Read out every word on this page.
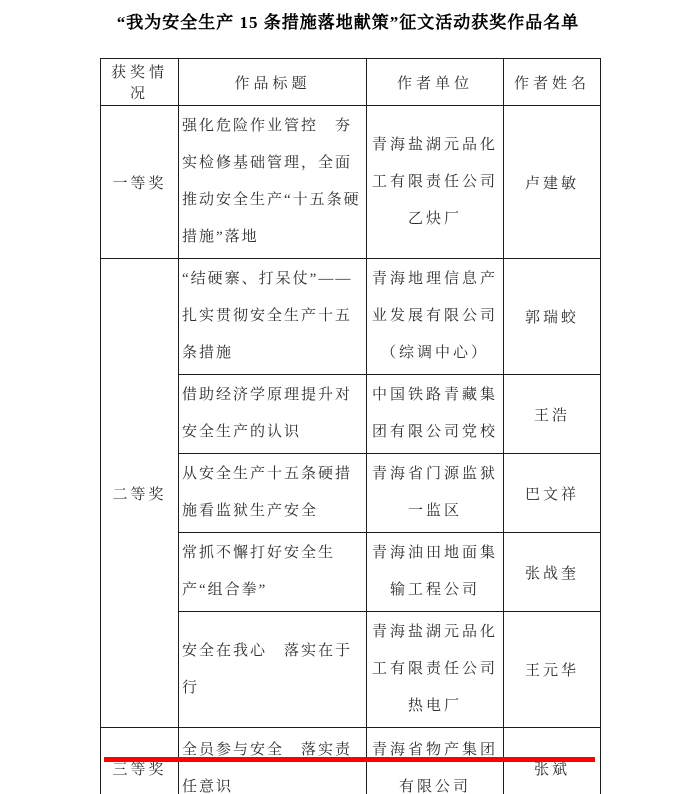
“我为安全生产 15 条措施落地献策”征文活动获奖作品名单
获奖情况	作品标题	作者单位	作者姓名
一等奖	强化危险作业管控　夯实检修基础管理，全面推动安全生产“十五条硬措施”落地	青海盐湖元品化工有限责任公司乙炔厂	卢建敏
二等奖	“结硬寨、打呆仗”——扎实贯彻安全生产十五条措施	青海地理信息产业发展有限公司（综调中心）	郭瑞蛟
	借助经济学原理提升对安全生产的认识	中国铁路青藏集团有限公司党校	王浩
	从安全生产十五条硬措施看监狱生产安全	青海省门源监狱一监区	巴文祥
	常抓不懈打好安全生产“组合拳”	青海油田地面集输工程公司	张战奎
	安全在我心　落实在于行	青海盐湖元品化工有限责任公司热电厂	王元华
三等奖	全员参与安全　落实责任意识	青海省物产集团有限公司	张斌
